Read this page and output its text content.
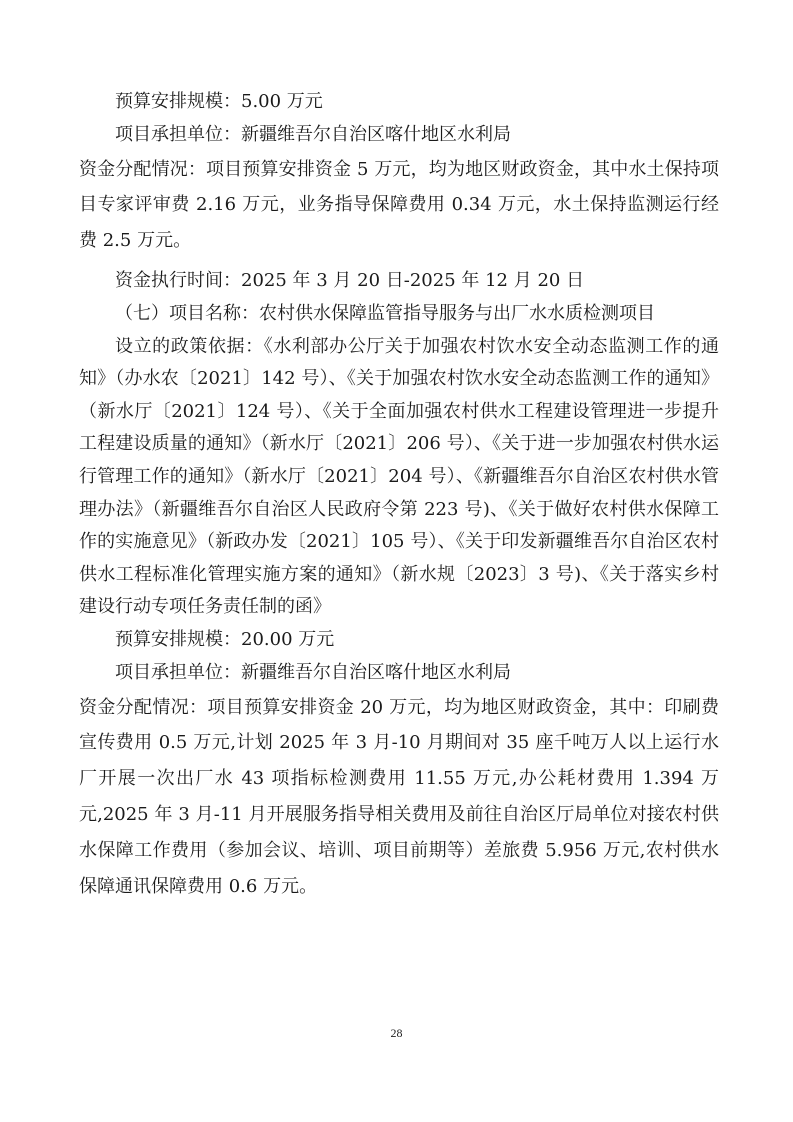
预算安排规模：5.00 万元

项目承担单位：新疆维吾尔自治区喀什地区水利局

资金分配情况：项目预算安排资金 5 万元，均为地区财政资金，其中水土保持项目专家评审费 2.16 万元，业务指导保障费用 0.34 万元，水土保持监测运行经费 2.5 万元。

资金执行时间：2025 年 3 月 20 日-2025 年 12 月 20 日

（七）项目名称：农村供水保障监管指导服务与出厂水水质检测项目

设立的政策依据：《水利部办公厅关于加强农村饮水安全动态监测工作的通知》（办水农〔2021〕142 号）、《关于加强农村饮水安全动态监测工作的通知》（新水厅〔2021〕124 号）、《关于全面加强农村供水工程建设管理进一步提升工程建设质量的通知》（新水厅〔2021〕206 号）、《关于进一步加强农村供水运行管理工作的通知》（新水厅〔2021〕204 号）、《新疆维吾尔自治区农村供水管理办法》（新疆维吾尔自治区人民政府令第 223 号)、《关于做好农村供水保障工作的实施意见》（新政办发〔2021〕105 号）、《关于印发新疆维吾尔自治区农村供水工程标准化管理实施方案的通知》（新水规〔2023〕3 号)、《关于落实乡村建设行动专项任务责任制的函》

预算安排规模：20.00 万元

项目承担单位：新疆维吾尔自治区喀什地区水利局

资金分配情况：项目预算安排资金 20 万元，均为地区财政资金，其中：印刷费宣传费用 0.5 万元,计划 2025 年 3 月-10 月期间对 35 座千吨万人以上运行水厂开展一次出厂水 43 项指标检测费用 11.55 万元,办公耗材费用 1.394 万元,2025 年 3 月-11 月开展服务指导相关费用及前往自治区厅局单位对接农村供水保障工作费用（参加会议、培训、项目前期等）差旅费 5.956 万元,农村供水保障通讯保障费用 0.6 万元。

28
